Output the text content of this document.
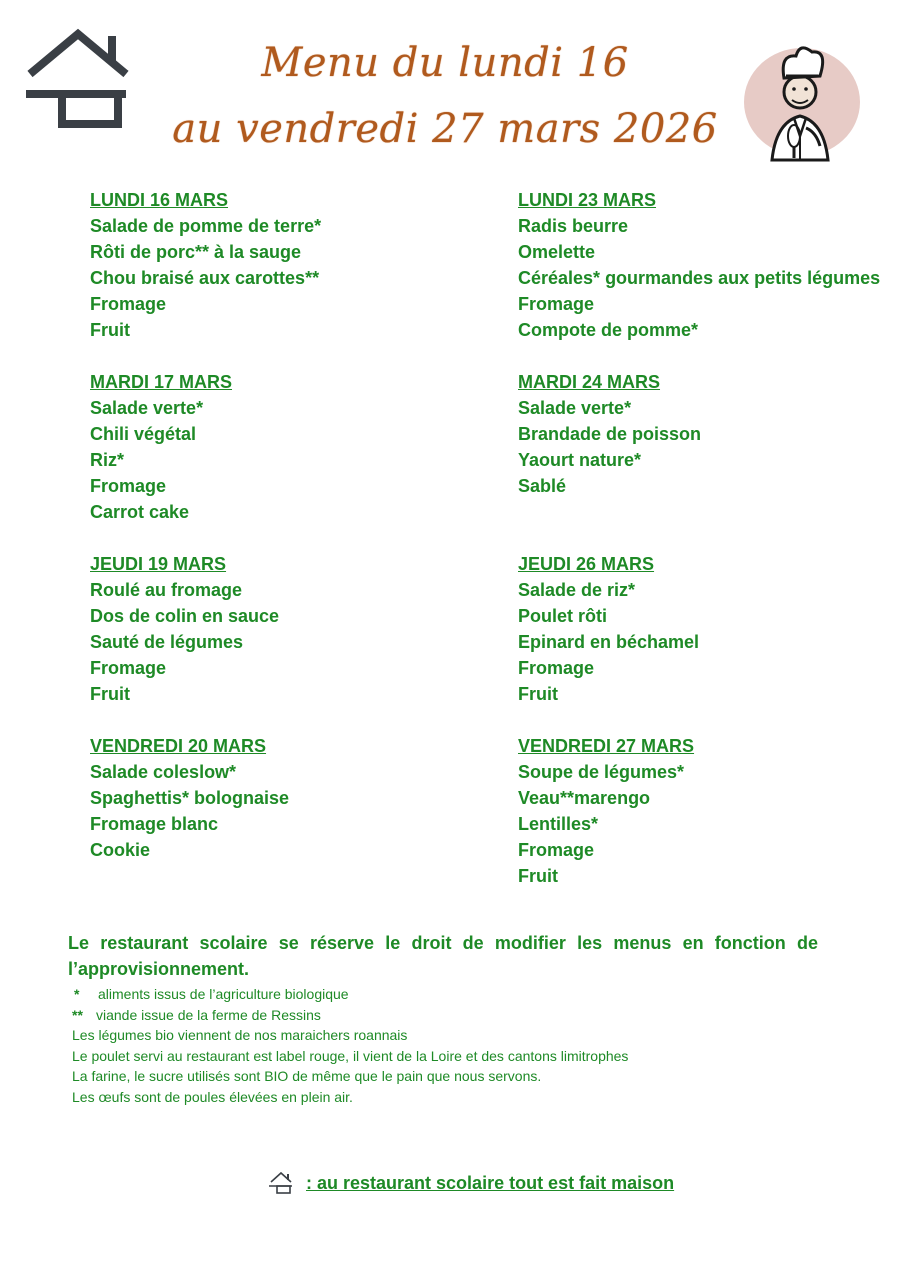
Menu du lundi 16
au vendredi 27 mars 2026

LUNDI 16 MARS

Salade de pomme de terre*

Rôti de porc** à la sauge

Chou braisé aux carottes**

Fromage

Fruit

MARDI 17 MARS

Salade verte*

Chili végétal

Riz*

Fromage

Carrot cake

JEUDI 19 MARS

Roulé au fromage

Dos de colin en sauce

Sauté de légumes

Fromage

Fruit

VENDREDI 20 MARS

Salade coleslow*

Spaghettis* bolognaise

Fromage blanc

Cookie

LUNDI 23 MARS

Radis beurre

Omelette

Céréales* gourmandes aux petits légumes

Fromage

Compote de pomme*

MARDI 24 MARS

Salade verte*

Brandade de poisson

Yaourt nature*

Sablé

JEUDI 26 MARS

Salade de riz*

Poulet rôti

Epinard en béchamel

Fromage

Fruit

VENDREDI 27 MARS

Soupe de légumes*

Veau**marengo

Lentilles*

Fromage

Fruit

Le restaurant scolaire se réserve le droit de modifier les menus en fonction de l’approvisionnement.

* aliments issus de l’agriculture biologique

** viande issue de la ferme de Ressins

Les légumes bio viennent de nos maraichers roannais

Le poulet servi au restaurant est label rouge, il vient de la Loire et des cantons limitrophes

La farine, le sucre utilisés sont BIO de même que le pain que nous servons.

Les œufs sont de poules élevées en plein air.

: au restaurant scolaire tout est fait maison
